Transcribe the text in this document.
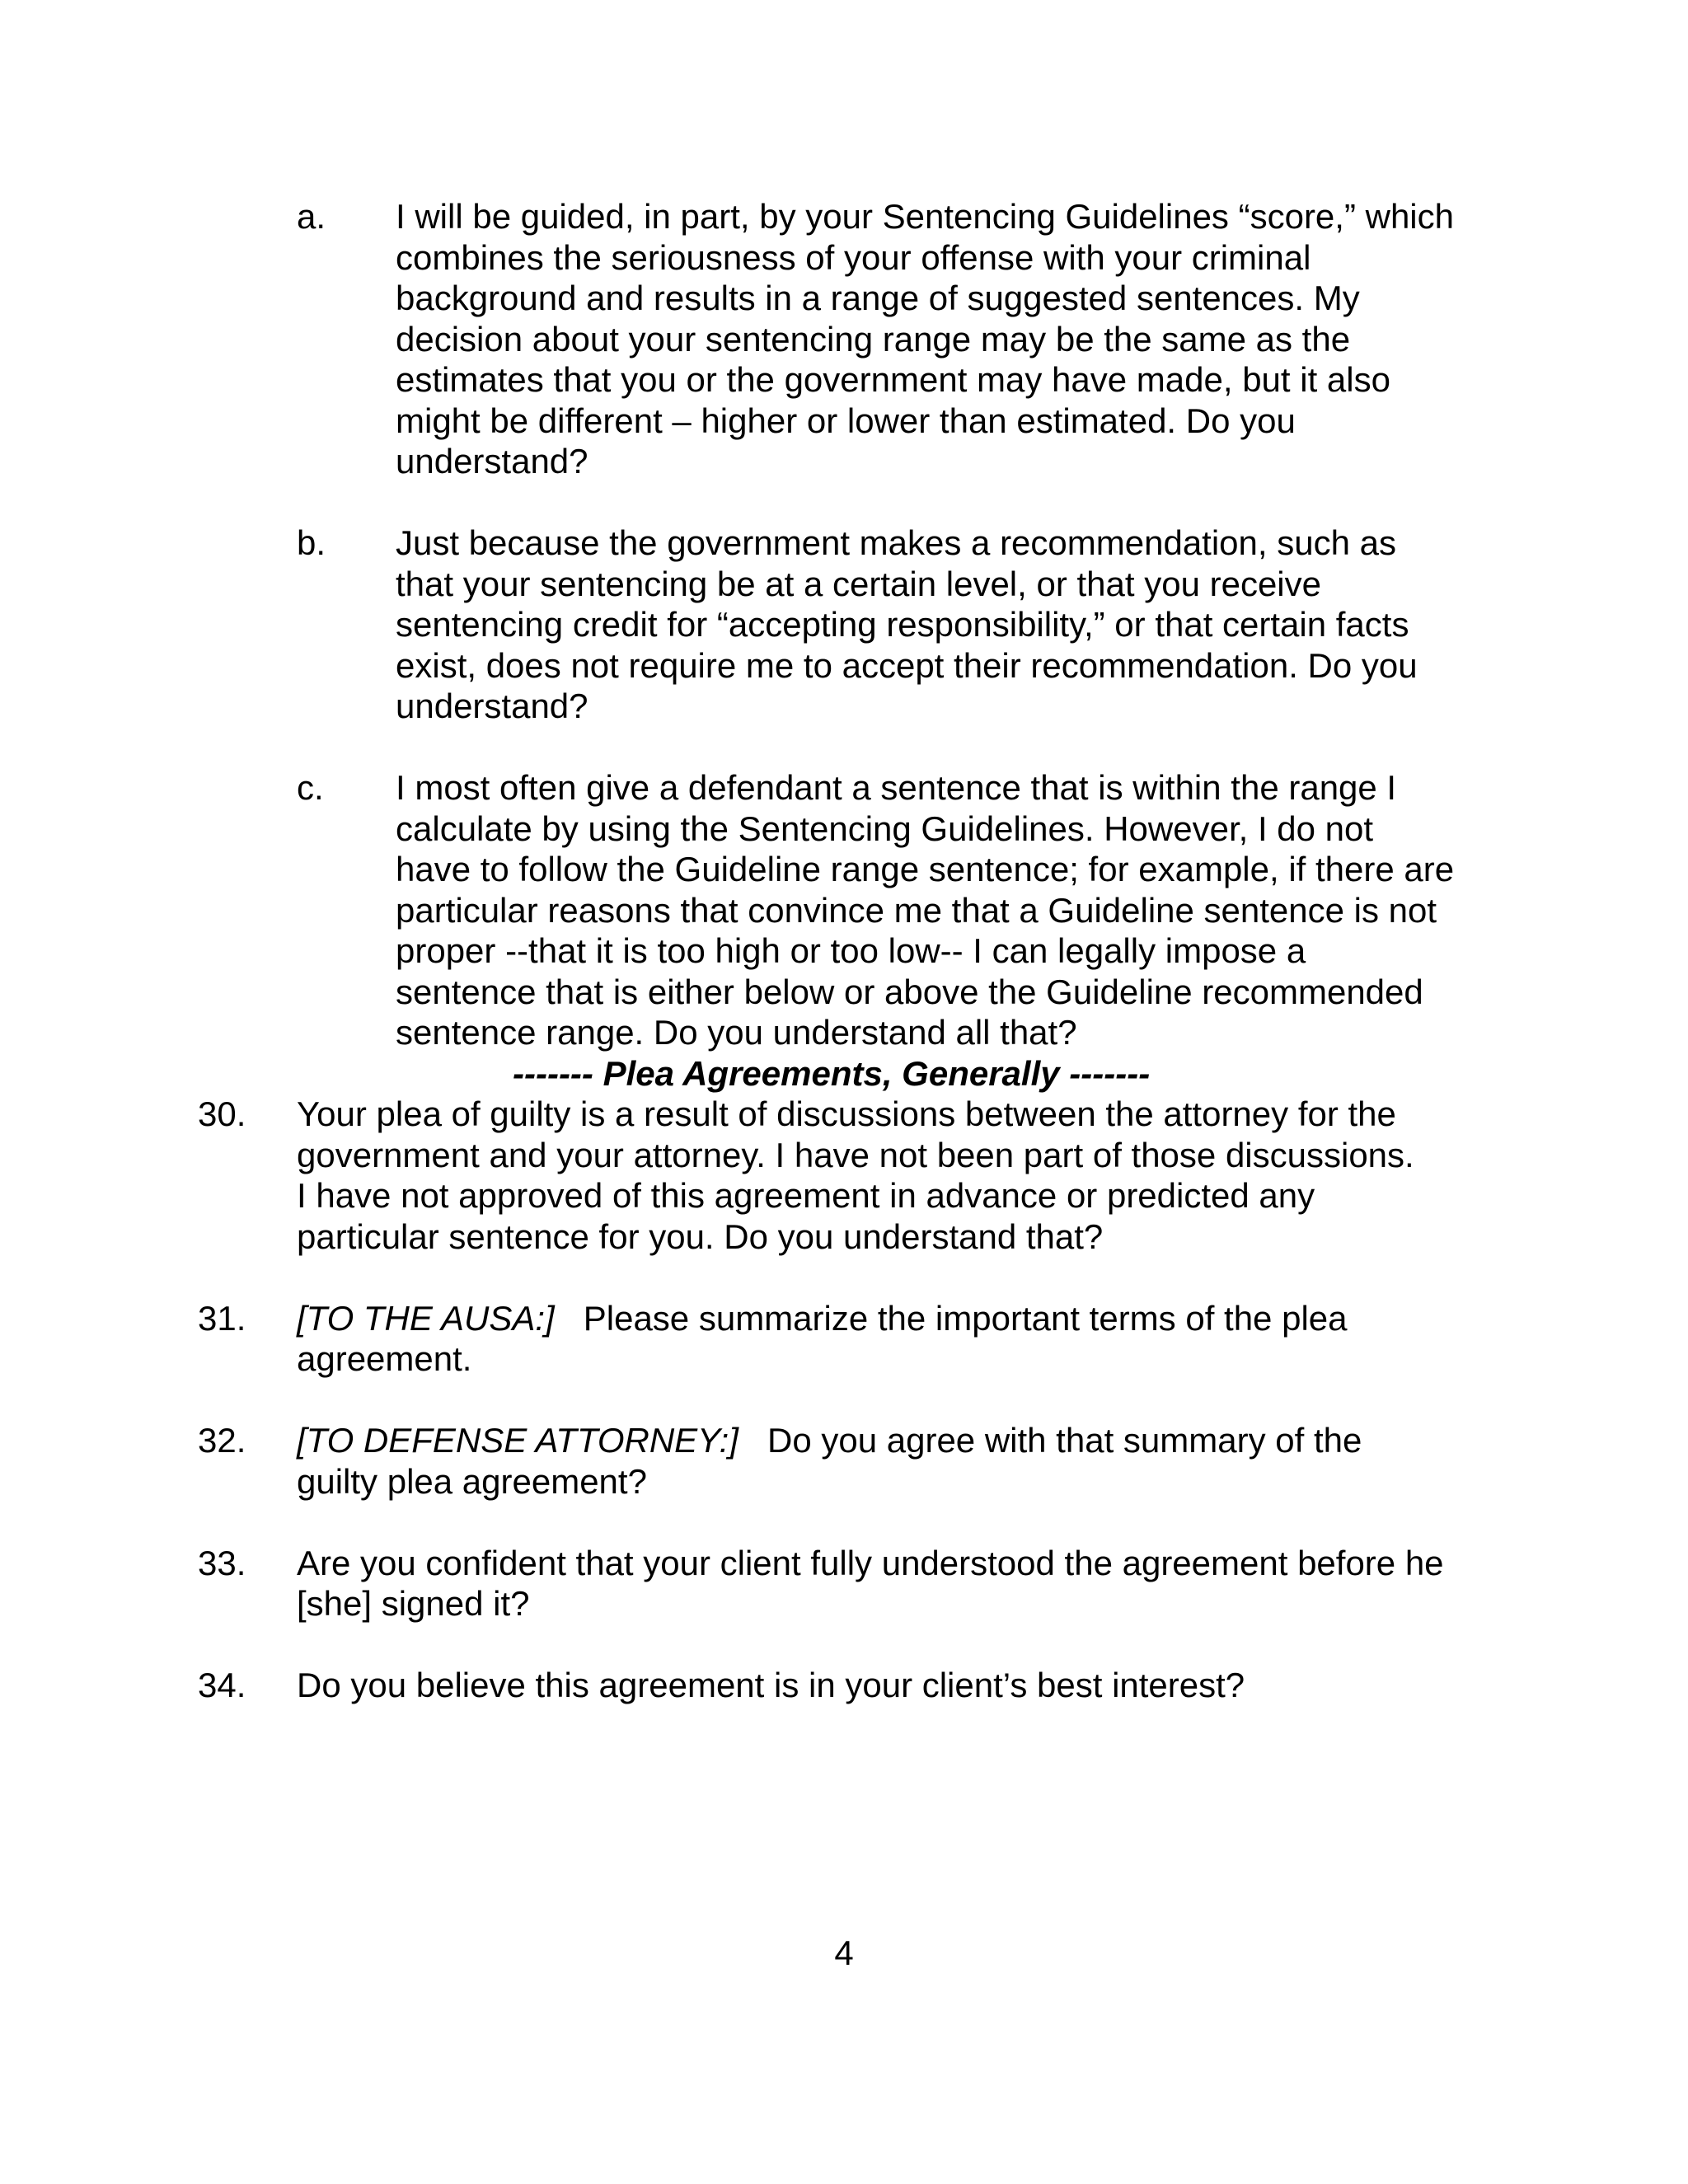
a. I will be guided, in part, by your Sentencing Guidelines “score,” which
combines the seriousness of your offense with your criminal
background and results in a range of suggested sentences. My
decision about your sentencing range may be the same as the
estimates that you or the government may have made, but it also
might be different – higher or lower than estimated. Do you
understand?
b. Just because the government makes a recommendation, such as
that your sentencing be at a certain level, or that you receive
sentencing credit for “accepting responsibility,” or that certain facts
exist, does not require me to accept their recommendation. Do you
understand?
c. I most often give a defendant a sentence that is within the range I
calculate by using the Sentencing Guidelines. However, I do not
have to follow the Guideline range sentence; for example, if there are
particular reasons that convince me that a Guideline sentence is not
proper --that it is too high or too low-- I can legally impose a
sentence that is either below or above the Guideline recommended
sentence range. Do you understand all that?
------- Plea Agreements, Generally -------
30. Your plea of guilty is a result of discussions between the attorney for the
government and your attorney. I have not been part of those discussions.
I have not approved of this agreement in advance or predicted any
particular sentence for you. Do you understand that?
31. [TO THE AUSA:]   Please summarize the important terms of the plea
agreement.
32. [TO DEFENSE ATTORNEY:]   Do you agree with that summary of the
guilty plea agreement?
33. Are you confident that your client fully understood the agreement before he
[she] signed it?
34. Do you believe this agreement is in your client’s best interest?
4
